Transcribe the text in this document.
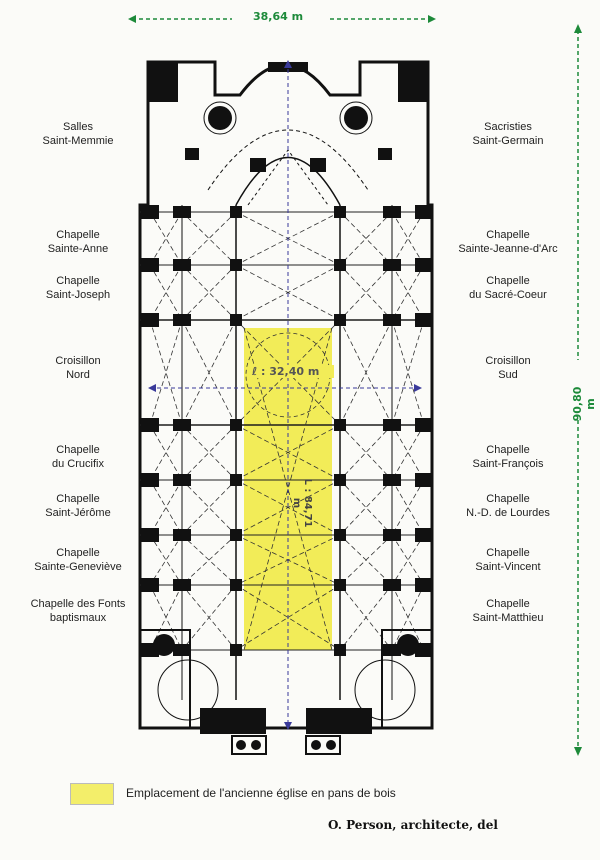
38,64 m
90,80 m
ℓ : 32,40 m
L : 84,71 m
Salles
Saint-Memmie
Chapelle
Sainte-Anne
Chapelle
Saint-Joseph
Croisillon
Nord
Chapelle
du Crucifix
Chapelle
Saint-Jérôme
Chapelle
Sainte-Geneviève
Chapelle des Fonts
baptismaux
Sacristies
Saint-Germain
Chapelle
Sainte-Jeanne-d'Arc
Chapelle
du Sacré-Coeur
Croisillon
Sud
Chapelle
Saint-François
Chapelle
N.-D. de Lourdes
Chapelle
Saint-Vincent
Chapelle
Saint-Matthieu
Emplacement de l'ancienne église en pans de bois
O. Person, architecte, del
